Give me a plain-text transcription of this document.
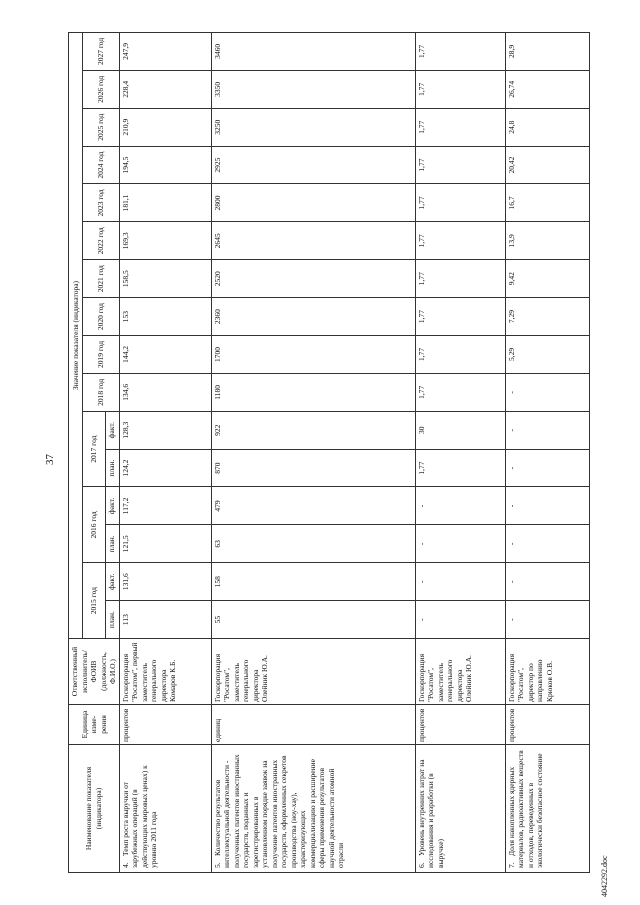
37
Наименование показателя (индикатора)	Единица изме-рения	Ответственный исполнитель/ ФОИВ (должность, Ф.И.О.)	Значение показателя (индикатора)															
			2015 год		2016 год		2017 год		2018 год	2019 год	2020 год	2021 год	2022 год	2023 год	2024 год	2025 год	2026 год	2027 год
			план.	факт.	план.	факт.	план.	факт.										
4.Темп роста выручки от зарубежных операций (в действующих мировых ценах) к уровню 2011 года	процентов	Госкорпорация "Росатом", первый заместитель генерального директора Комаров К.Б.	113	131,6	121,5	117,2	124,2	128,3	134,6	144,2	153	158,5	169,3	181,1	194,5	210,9	228,4	247,9
5.Количество результатов интеллектуальной деятельности - полученных патентов иностранных государств, поданных и зарегистрированных в установленном порядке заявок на получение патентов иностранных государств, оформленных секретов производства (ноу-хау), характеризующих коммерциализацию и расширение сферы применения результатов научной деятельности атомной отрасли	единиц	Госкорпорация "Росатом", заместитель генерального директора Олейник Ю.А.	55	158	63	479	870	922	1180	1700	2360	2520	2645	2800	2925	3250	3350	3460
6.Уровень внутренних затрат на исследования и разработки (в выручке)	процентов	Госкорпорация "Росатом", заместитель генерального директора Олейник Ю.А.	-	-	-	-	1,77	30	1,77	1,77	1,77	1,77	1,77	1,77	1,77	1,77	1,77	1,77
7.Доля накопленных ядерных материалов, радиоактивных веществ и отходов, переведенных в экологически безопасное состояние	процентов	Госкорпорация "Росатом", директор по направлению Крюков О.В.	-	-	-	-	-	-	-	5,29	7,29	9,42	13,9	16,7	20,42	24,8	26,74	28,9
4042292.doc
